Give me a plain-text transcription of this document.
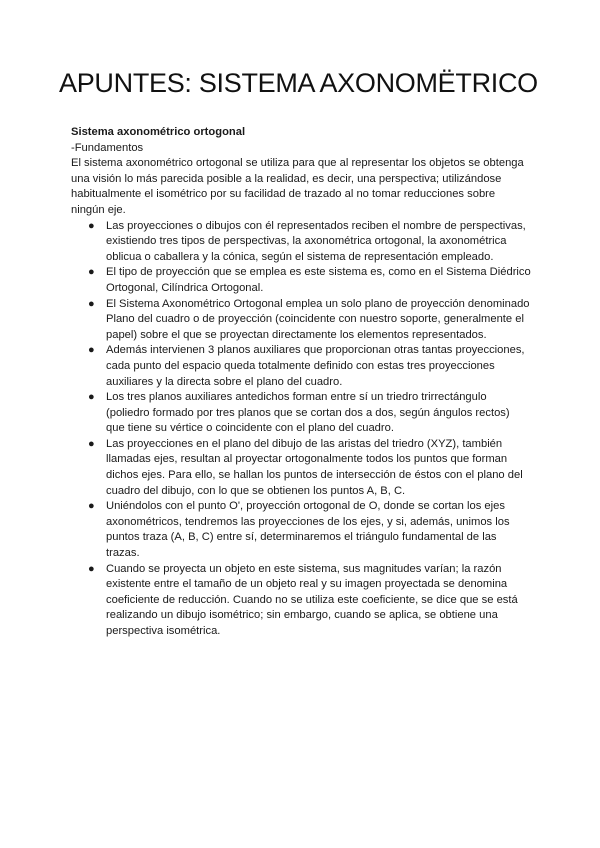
APUNTES: SISTEMA AXONOMËTRICO

Sistema axonométrico ortogonal

-Fundamentos

El sistema axonométrico ortogonal se utiliza para que al representar los objetos se obtenga una visión lo más parecida posible a la realidad, es decir, una perspectiva; utilizándose habitualmente el isométrico por su facilidad de trazado al no tomar reducciones sobre ningún eje.

● Las proyecciones o dibujos con él representados reciben el nombre de perspectivas, existiendo tres tipos de perspectivas, la axonométrica ortogonal, la axonométrica oblicua o caballera y la cónica, según el sistema de representación empleado.
● El tipo de proyección que se emplea es este sistema es, como en el Sistema Diédrico Ortogonal, Cilíndrica Ortogonal.
● El Sistema Axonométrico Ortogonal emplea un solo plano de proyección denominado Plano del cuadro o de proyección (coincidente con nuestro soporte, generalmente el papel) sobre el que se proyectan directamente los elementos representados.
● Además intervienen 3 planos auxiliares que proporcionan otras tantas proyecciones, cada punto del espacio queda totalmente definido con estas tres proyecciones auxiliares y la directa sobre el plano del cuadro.
● Los tres planos auxiliares antedichos forman entre sí un triedro trirrectángulo (poliedro formado por tres planos que se cortan dos a dos, según ángulos rectos) que tiene su vértice o coincidente con el plano del cuadro.
● Las proyecciones en el plano del dibujo de las aristas del triedro (XYZ), también llamadas ejes, resultan al proyectar ortogonalmente todos los puntos que forman dichos ejes. Para ello, se hallan los puntos de intersección de éstos con el plano del cuadro del dibujo, con lo que se obtienen los puntos A, B, C.
● Uniéndolos con el punto O', proyección ortogonal de O, donde se cortan los ejes axonométricos, tendremos las proyecciones de los ejes, y si, además, unimos los puntos traza (A, B, C) entre sí, determinaremos el triángulo fundamental de las trazas.
● Cuando se proyecta un objeto en este sistema, sus magnitudes varían; la razón existente entre el tamaño de un objeto real y su imagen proyectada se denomina coeficiente de reducción. Cuando no se utiliza este coeficiente, se dice que se está realizando un dibujo isométrico; sin embargo, cuando se aplica, se obtiene una perspectiva isométrica.
